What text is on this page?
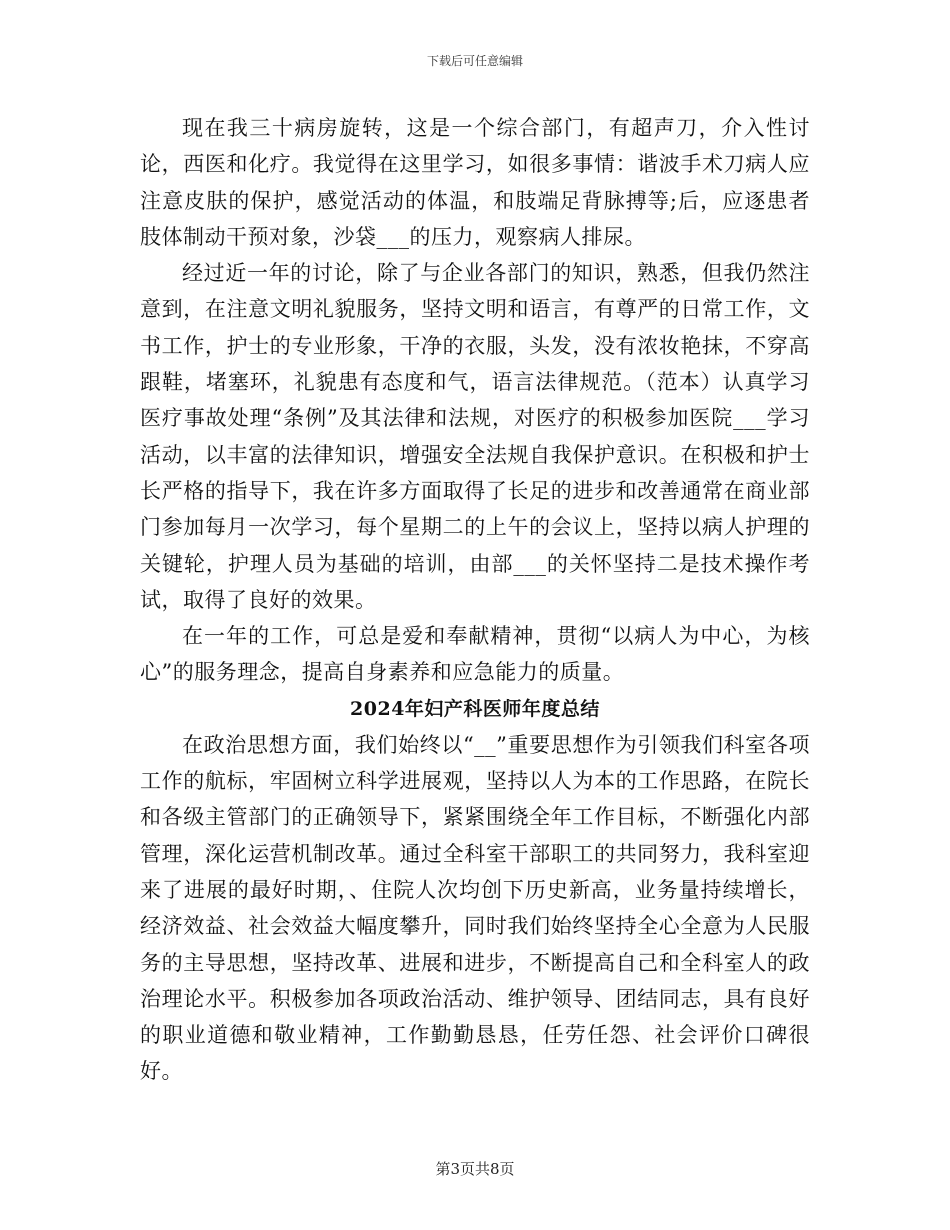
下载后可任意编辑

现在我三十病房旋转，这是一个综合部门，有超声刀，介入性讨论，西医和化疗。我觉得在这里学习，如很多事情：谐波手术刀病人应注意皮肤的保护，感觉活动的体温，和肢端足背脉搏等;后，应逐患者肢体制动干预对象，沙袋___的压力，观察病人排尿。

经过近一年的讨论，除了与企业各部门的知识，熟悉，但我仍然注意到，在注意文明礼貌服务，坚持文明和语言，有尊严的日常工作，文书工作，护士的专业形象，干净的衣服，头发，没有浓妆艳抹，不穿高跟鞋，堵塞环，礼貌患有态度和气，语言法律规范。（范本）认真学习医疗事故处理“条例”及其法律和法规，对医疗的积极参加医院___学习活动，以丰富的法律知识，增强安全法规自我保护意识。在积极和护士长严格的指导下，我在许多方面取得了长足的进步和改善通常在商业部门参加每月一次学习，每个星期二的上午的会议上，坚持以病人护理的关键轮，护理人员为基础的培训，由部___的关怀坚持二是技术操作考试，取得了良好的效果。

在一年的工作，可总是爱和奉献精神，贯彻“以病人为中心，为核心”的服务理念，提高自身素养和应急能力的质量。

2024年妇产科医师年度总结

在政治思想方面，我们始终以“__”重要思想作为引领我们科室各项工作的航标，牢固树立科学进展观，坚持以人为本的工作思路，在院长和各级主管部门的正确领导下，紧紧围绕全年工作目标，不断强化内部管理，深化运营机制改革。通过全科室干部职工的共同努力，我科室迎来了进展的最好时期，、住院人次均创下历史新高，业务量持续增长，经济效益、社会效益大幅度攀升，同时我们始终坚持全心全意为人民服务的主导思想，坚持改革、进展和进步，不断提高自己和全科室人的政治理论水平。积极参加各项政治活动、维护领导、团结同志，具有良好的职业道德和敬业精神，工作勤勤恳恳，任劳任怨、社会评价口碑很好。

第3页共8页
